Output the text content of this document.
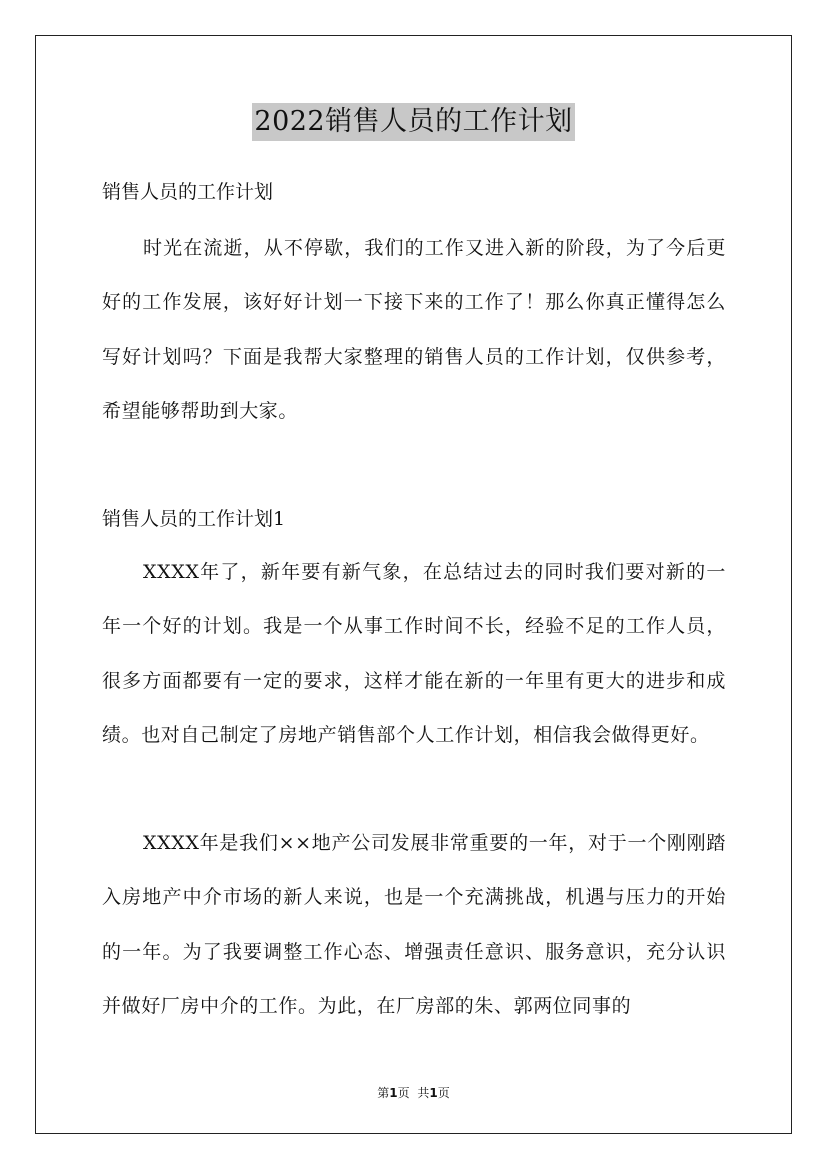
2022销售人员的工作计划
销售人员的工作计划

时光在流逝，从不停歇，我们的工作又进入新的阶段，为了今后更好的工作发展，该好好计划一下接下来的工作了！那么你真正懂得怎么写好计划吗？下面是我帮大家整理的销售人员的工作计划，仅供参考，希望能够帮助到大家。

销售人员的工作计划1

XXXX年了，新年要有新气象，在总结过去的同时我们要对新的一年一个好的计划。我是一个从事工作时间不长，经验不足的工作人员，很多方面都要有一定的要求，这样才能在新的一年里有更大的进步和成绩。也对自己制定了房地产销售部个人工作计划，相信我会做得更好。

XXXX年是我们××地产公司发展非常重要的一年，对于一个刚刚踏入房地产中介市场的新人来说，也是一个充满挑战，机遇与压力的开始的一年。为了我要调整工作心态、增强责任意识、服务意识，充分认识并做好厂房中介的工作。为此，在厂房部的朱、郭两位同事的

第1页 共1页
